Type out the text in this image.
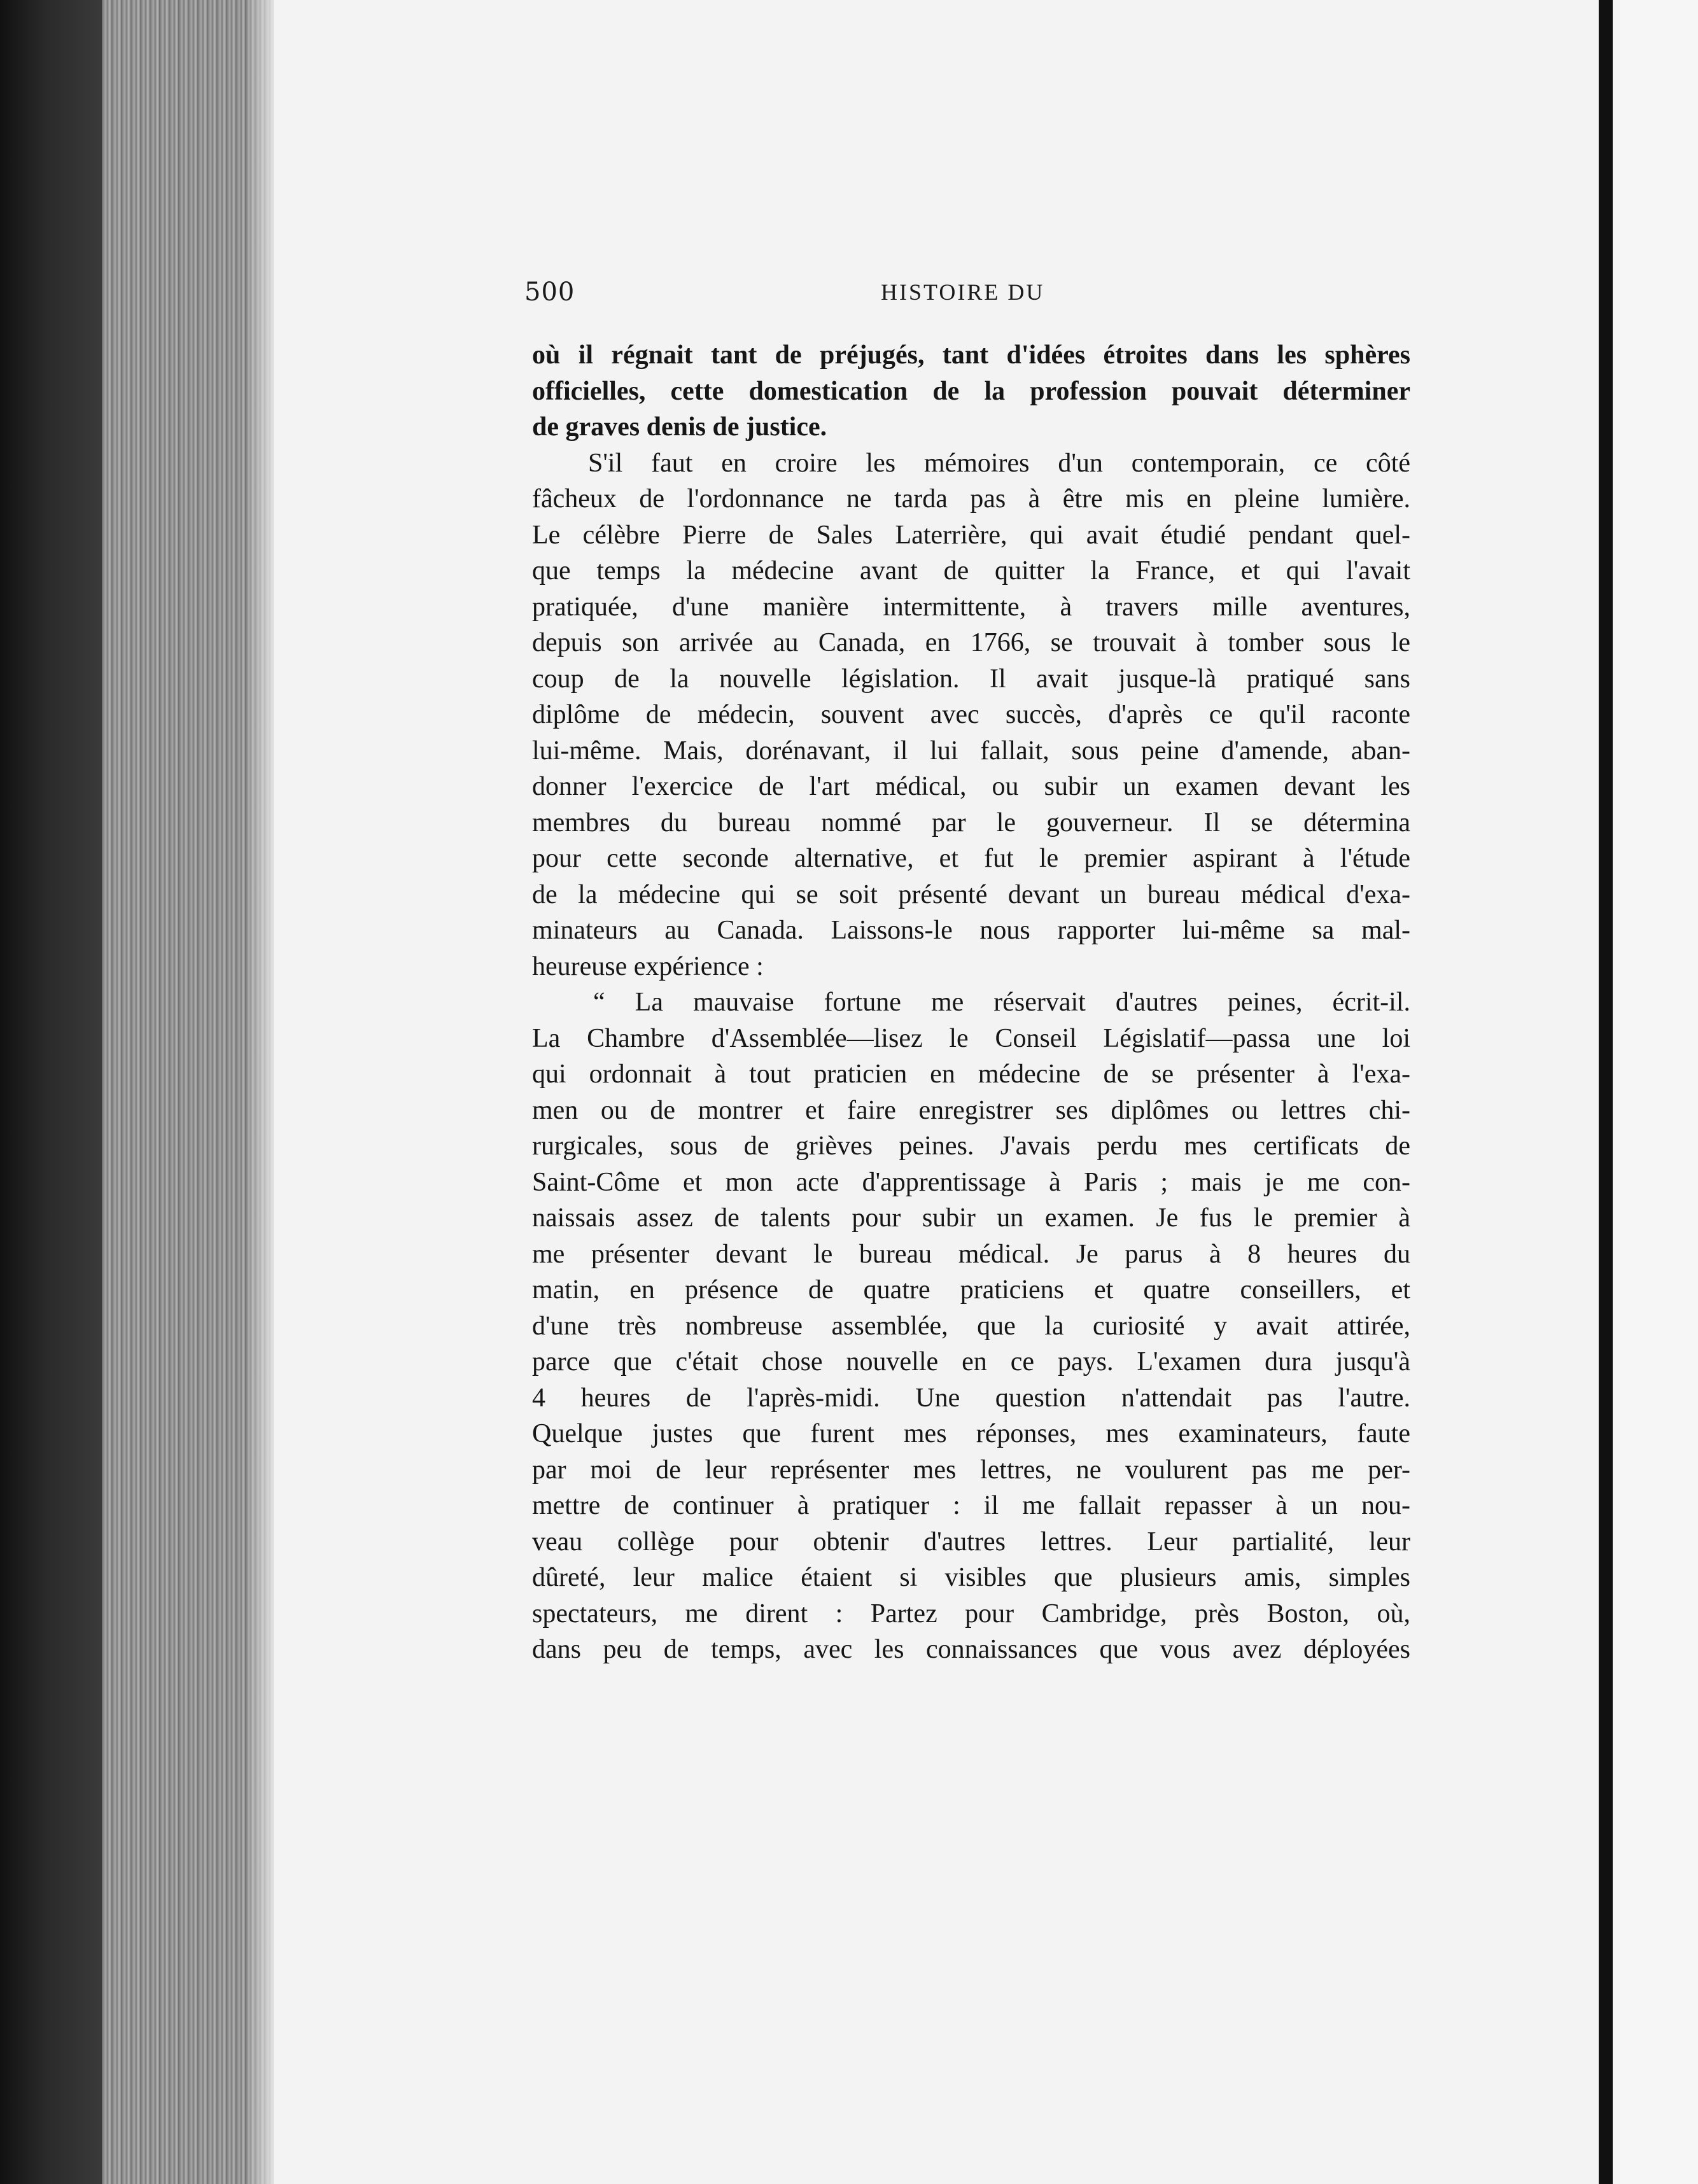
500	HISTOIRE DU
où il régnait tant de préjugés, tant d'idées étroites dans les sphères
officielles, cette domestication de la profession pouvait déterminer
de graves denis de justice.
S'il faut en croire les mémoires d'un contemporain, ce côté
fâcheux de l'ordonnance ne tarda pas à être mis en pleine lumière.
Le célèbre Pierre de Sales Laterrière, qui avait étudié pendant quel-
que temps la médecine avant de quitter la France, et qui l'avait
pratiquée, d'une manière intermittente, à travers mille aventures,
depuis son arrivée au Canada, en 1766, se trouvait à tomber sous le
coup de la nouvelle législation. Il avait jusque-là pratiqué sans
diplôme de médecin, souvent avec succès, d'après ce qu'il raconte
lui-même. Mais, dorénavant, il lui fallait, sous peine d'amende, aban-
donner l'exercice de l'art médical, ou subir un examen devant les
membres du bureau nommé par le gouverneur. Il se détermina
pour cette seconde alternative, et fut le premier aspirant à l'étude
de la médecine qui se soit présenté devant un bureau médical d'exa-
minateurs au Canada. Laissons-le nous rapporter lui-même sa mal-
heureuse expérience :
“ La mauvaise fortune me réservait d'autres peines, écrit-il.
La Chambre d'Assemblée—lisez le Conseil Législatif—passa une loi
qui ordonnait à tout praticien en médecine de se présenter à l'exa-
men ou de montrer et faire enregistrer ses diplômes ou lettres chi-
rurgicales, sous de grièves peines. J'avais perdu mes certificats de
Saint-Côme et mon acte d'apprentissage à Paris ; mais je me con-
naissais assez de talents pour subir un examen. Je fus le premier à
me présenter devant le bureau médical. Je parus à 8 heures du
matin, en présence de quatre praticiens et quatre conseillers, et
d'une très nombreuse assemblée, que la curiosité y avait attirée,
parce que c'était chose nouvelle en ce pays. L'examen dura jusqu'à
4 heures de l'après-midi. Une question n'attendait pas l'autre.
Quelque justes que furent mes réponses, mes examinateurs, faute
par moi de leur représenter mes lettres, ne voulurent pas me per-
mettre de continuer à pratiquer : il me fallait repasser à un nou-
veau collège pour obtenir d'autres lettres. Leur partialité, leur
dûreté, leur malice étaient si visibles que plusieurs amis, simples
spectateurs, me dirent : Partez pour Cambridge, près Boston, où,
dans peu de temps, avec les connaissances que vous avez déployées
